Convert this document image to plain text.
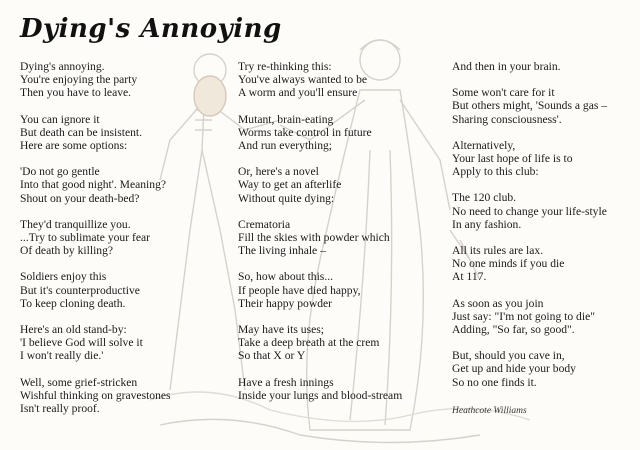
Dying's Annoying
Dying's annoying.
You're enjoying the party
Then you have to leave.
You can ignore it
But death can be insistent.
Here are some options:
'Do not go gentle
Into that good night'. Meaning?
Shout on your death-bed?
They'd tranquillize you.
...Try to sublimate your fear
Of death by killing?
Soldiers enjoy this
But it's counterproductive
To keep cloning death.
Here's an old stand-by:
'I believe God will solve it
I won't really die.'
Well, some grief-stricken
Wishful thinking on gravestones
Isn't really proof.
Try re-thinking this:
You've always wanted to be
A worm and you'll ensure
Mutant, brain-eating
Worms take control in future
And run everything;
Or, here's a novel
Way to get an afterlife
Without quite dying:
Crematoria
Fill the skies with powder which
The living inhale –
So, how about this...
If people have died happy,
Their happy powder
May have its uses;
Take a deep breath at the crem
So that X or Y
Have a fresh innings
Inside your lungs and blood-stream
And then in your brain.
Some won't care for it
But others might, 'Sounds a gas –
Sharing consciousness'.
Alternatively,
Your last hope of life is to
Apply to this club:
The 120 club.
No need to change your life-style
In any fashion.
All its rules are lax.
No one minds if you die
At 117.
As soon as you join
Just say: "I'm not going to die"
Adding, "So far, so good".
But, should you cave in,
Get up and hide your body
So no one finds it.
Heathcote Williams
